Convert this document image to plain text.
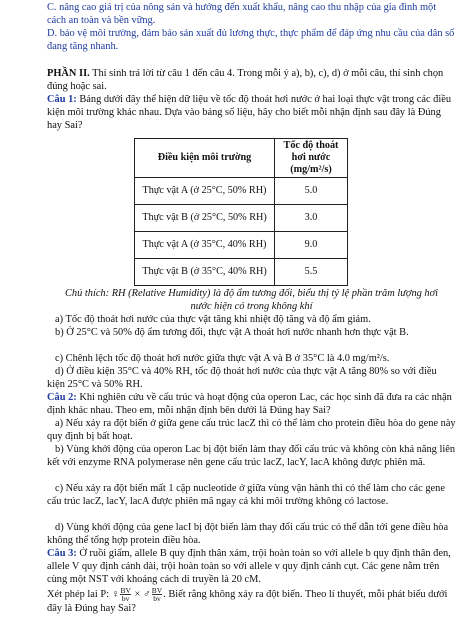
C. nâng cao giá trị của nông sản và hướng đến xuất khẩu, nâng cao thu nhập của gia đình một cách an toàn và bền vững.
D. bảo vệ môi trường, đảm bảo sản xuất đủ lương thực, thực phẩm để đáp ứng nhu cầu của dân số đang tăng nhanh.
PHẦN II. Thí sinh trả lời từ câu 1 đến câu 4. Trong mỗi ý a), b), c), d) ở mỗi câu, thí sinh chọn đúng hoặc sai.
Câu 1: Bảng dưới đây thể hiện dữ liệu về tốc độ thoát hơi nước ở hai loại thực vật trong các điều kiện môi trường khác nhau. Dựa vào bảng số liệu, hãy cho biết mỗi nhận định sau đây là Đúng hay Sai?
Điều kiện môi trường	Tốc độ thoát hơi nước (mg/m²/s)
Thực vật A (ở 25°C, 50% RH)	5.0
Thực vật B (ở 25°C, 50% RH)	3.0
Thực vật A (ở 35°C, 40% RH)	9.0
Thực vật B (ở 35°C, 40% RH)	5.5
Chú thích: RH (Relative Humidity) là độ ẩm tương đối, biểu thị tỷ lệ phần trăm lượng hơi nước hiện có trong không khí
a) Tốc độ thoát hơi nước của thực vật tăng khi nhiệt độ tăng và độ ẩm giảm.
b) Ở 25°C và 50% độ ẩm tương đối, thực vật A thoát hơi nước nhanh hơn thực vật B.
c) Chênh lệch tốc độ thoát hơi nước giữa thực vật A và B ở 35°C là 4.0 mg/m²/s.
d) Ở điều kiện 35°C và 40% RH, tốc độ thoát hơi nước của thực vật A tăng 80% so với điều kiện 25°C và 50% RH.
Câu 2: Khi nghiên cứu về cấu trúc và hoạt động của operon Lac, các học sinh đã đưa ra các nhận định khác nhau. Theo em, mỗi nhận định bên dưới là Đúng hay Sai?
a) Nếu xảy ra đột biến ở giữa gene cấu trúc lacZ thì có thể làm cho protein điều hòa do gene này quy định bị bất hoạt.
b) Vùng khởi động của operon Lac bị đột biến làm thay đổi cấu trúc và không còn khả năng liên kết với enzyme RNA polymerase nên gene cấu trúc lacZ, lacY, lacA không được phiên mã.
c) Nếu xảy ra đột biến mất 1 cặp nucleotide ở giữa vùng vận hành thì có thể làm cho các gene cấu trúc lacZ, lacY, lacA được phiên mã ngay cả khi môi trường không có lactose.
d) Vùng khởi động của gene lacI bị đột biến làm thay đổi cấu trúc có thể dẫn tới gene điều hòa không thể tổng hợp protein điều hòa.
Câu 3: Ở ruồi giấm, allele B quy định thân xám, trội hoàn toàn so với allele b quy định thân đen, allele V quy định cánh dài, trội hoàn toàn so với allele v quy định cánh cụt. Các gene nằm trên cùng một NST với khoảng cách di truyền là 20 cM.
Xét phép lai P: ♀ $\frac{BV}{bv}$ × ♂ $\frac{BV}{bv}$ . Biết rằng không xảy ra đột biến. Theo lí thuyết, mỗi phát biểu dưới đây là Đúng hay Sai?
